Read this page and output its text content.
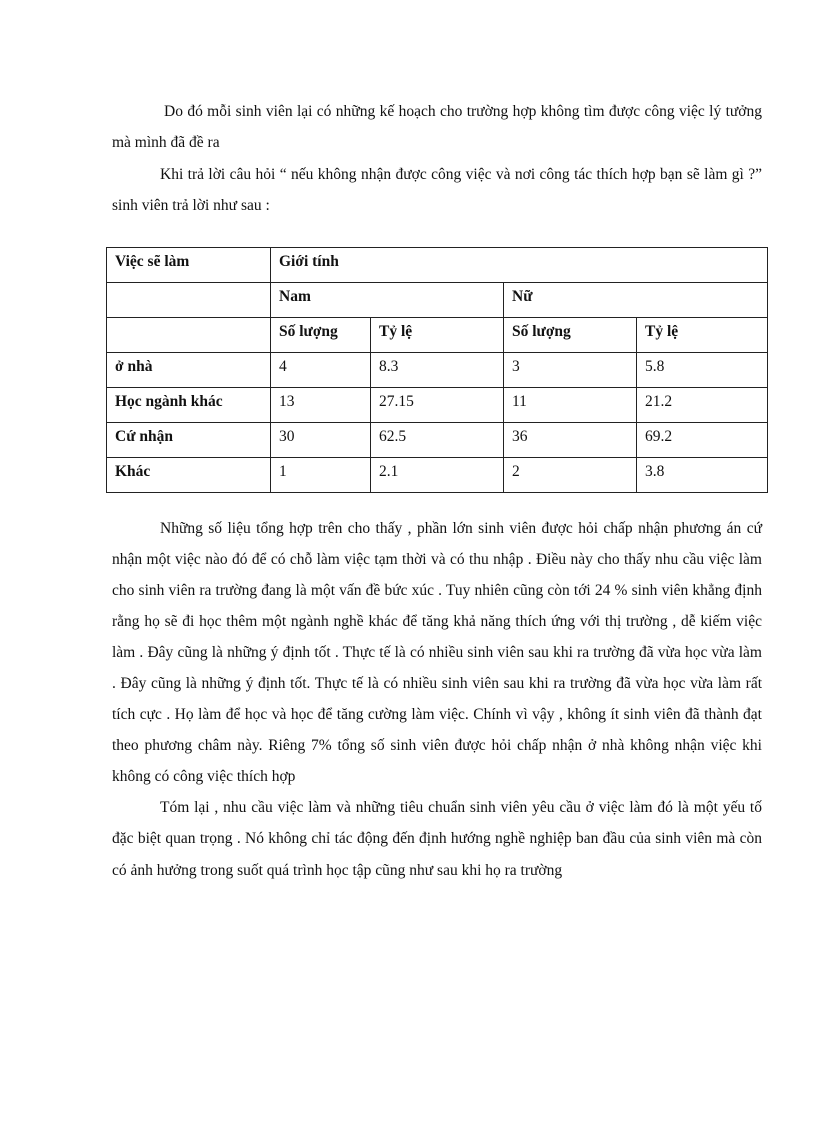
Do đó mỗi sinh viên lại có những kế hoạch cho trường hợp không tìm được công việc lý tưởng mà mình đã đề ra

Khi trả lời câu hỏi “ nếu không nhận được công việc và nơi công tác thích hợp bạn sẽ làm gì ?” sinh viên trả lời như sau :

Việc sẽ làm	Giới tính			
	Nam		Nữ	
	Số lượng	Tỷ lệ	Số lượng	Tỷ lệ
ở nhà	4	8.3	3	5.8
Học ngành khác	13	27.15	11	21.2
Cứ nhận	30	62.5	36	69.2
Khác	1	2.1	2	3.8

Những số liệu tổng hợp trên cho thấy , phần lớn sinh viên được hỏi chấp nhận phương án cứ nhận một việc nào đó để có chỗ làm việc tạm thời và có thu nhập . Điều này cho thấy nhu cầu việc làm cho sinh viên ra trường đang là một vấn đề bức xúc . Tuy nhiên cũng còn tới 24 % sinh viên khẳng định rằng họ sẽ đi học thêm một ngành nghề khác để tăng khả năng thích ứng với thị trường , dễ kiếm việc làm . Đây cũng là những ý định tốt . Thực tế là có nhiều sinh viên sau khi ra trường đã vừa học vừa làm . Đây cũng là những ý định tốt. Thực tế là có nhiều sinh viên sau khi ra trường đã vừa học vừa làm rất tích cực . Họ làm để học và học để tăng cường làm việc. Chính vì vậy , không ít sinh viên đã thành đạt theo phương châm này. Riêng 7% tổng số sinh viên được hỏi chấp nhận ở nhà không nhận việc khi không có công việc thích hợp

Tóm lại , nhu cầu việc làm và những tiêu chuẩn sinh viên yêu cầu ở việc làm đó là một yếu tố đặc biệt quan trọng . Nó không chỉ tác động đến định hướng nghề nghiệp ban đầu của sinh viên mà còn có ảnh hưởng trong suốt quá trình học tập cũng như sau khi họ ra trường
